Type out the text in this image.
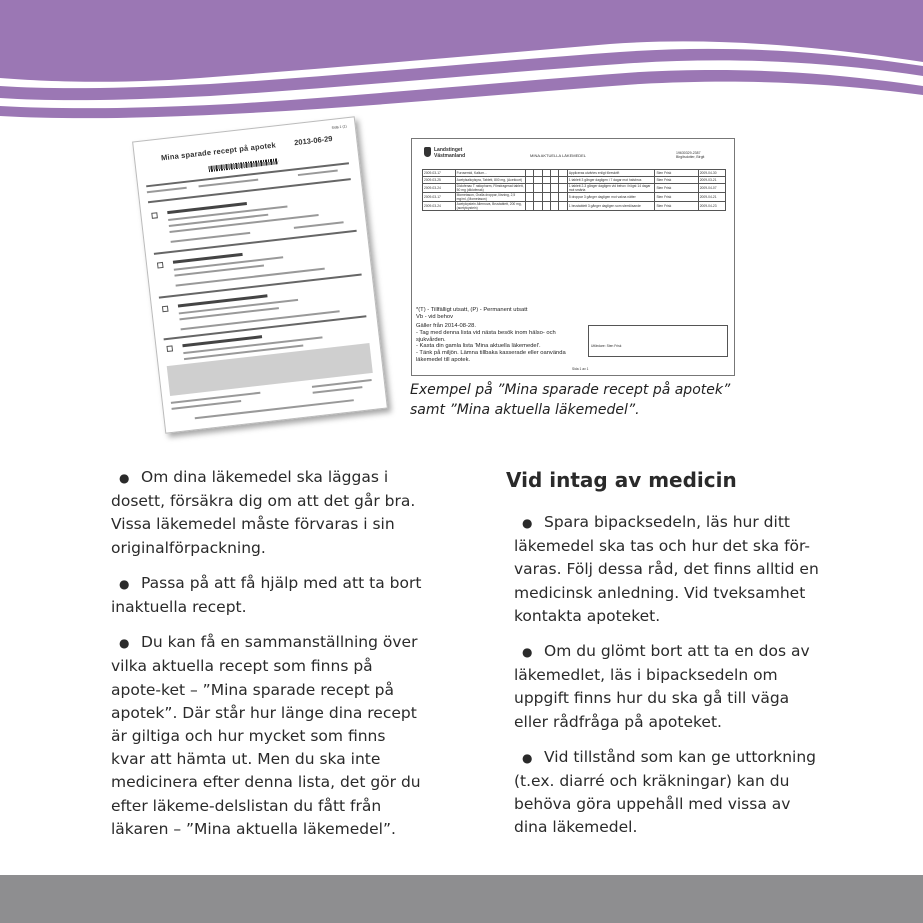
Sida 1 (1)
Mina sparade recept på apotek 2013-06-29
Landstinget
Västmanland	MINA AKTUELLA LÄKEMEDEL	19630329-2387
Birgitsdotter, Birgit
2009-03-17	Furosemid, Kalium...						Appliceras utvärtes enligt föreskrift	Sten Frisk	2009-04-30
2009-03-25	Acetylsalicylsyra, Tablett, 800 mg, (Aceticort)						1 tablett 3 gånger dagligen i 7 dagar mot halsbrus	Sten Frisk	2009-03-21
2009-03-24	Diclofenac T ratiopharm, Filmdragerad tablett, 50 mg (diklofenak)						1 tablett 2-3 gånger dagligen vid behov i högst 14 dagar mot smärta	Sten Frisk	2009-04-07
2009-03-17	Mometason, Oralla droppar, lösning, 2,5 mg/ml, (Mometason)						5 droppar 3 gånger dagligen mot vakna nätter	Sten Frisk	2009-04-21
2009-03-24	Acetylcystein Allernova, Brustablett, 200 mg, (acetylcystein)						1 brustablett 3 gånger dagligen som slemlösande	Sten Frisk	2009-04-23
*(T) - Tillfälligt utsatt, (P) - Permanent utsatt
Vb - vid behov
Gäller från 2014-08-28.
- Tag med denna lista vid nästa besök inom hälso- och sjukvården.
- Kasta din gamla lista 'Mina aktuella läkemedel'.
- Tänk på miljön. Lämna tillbaka kasserade eller oanvända läkemedel till apotek.
Utfärdare: Sten Frisk
Sida 1 av 1
Exempel på ”Mina sparade recept på apotek”
samt ”Mina aktuella läkemedel”.

● Om dina läkemedel ska läggas i dosett, försäkra dig om att det går bra. Vissa läkemedel måste förvaras i sin originalförpackning.

● Passa på att få hjälp med att ta bort inaktuella recept.

● Du kan få en sammanställning över vilka aktuella recept som finns på apote-ket – ”Mina sparade recept på apotek”. Där står hur länge dina recept är giltiga och hur mycket som finns kvar att hämta ut. Men du ska inte medicinera efter denna lista, det gör du efter läkeme-delslistan du fått från läkaren – ”Mina aktuella läkemedel”.

Vid intag av medicin

● Spara bipacksedeln, läs hur ditt läkemedel ska tas och hur det ska för-varas. Följ dessa råd, det finns alltid en medicinsk anledning. Vid tveksamhet kontakta apoteket.

● Om du glömt bort att ta en dos av läkemedlet, läs i bipacksedeln om uppgift finns hur du ska gå till väga eller rådfråga på apoteket.

● Vid tillstånd som kan ge uttorkning (t.ex. diarré och kräkningar) kan du behöva göra uppehåll med vissa av dina läkemedel.
